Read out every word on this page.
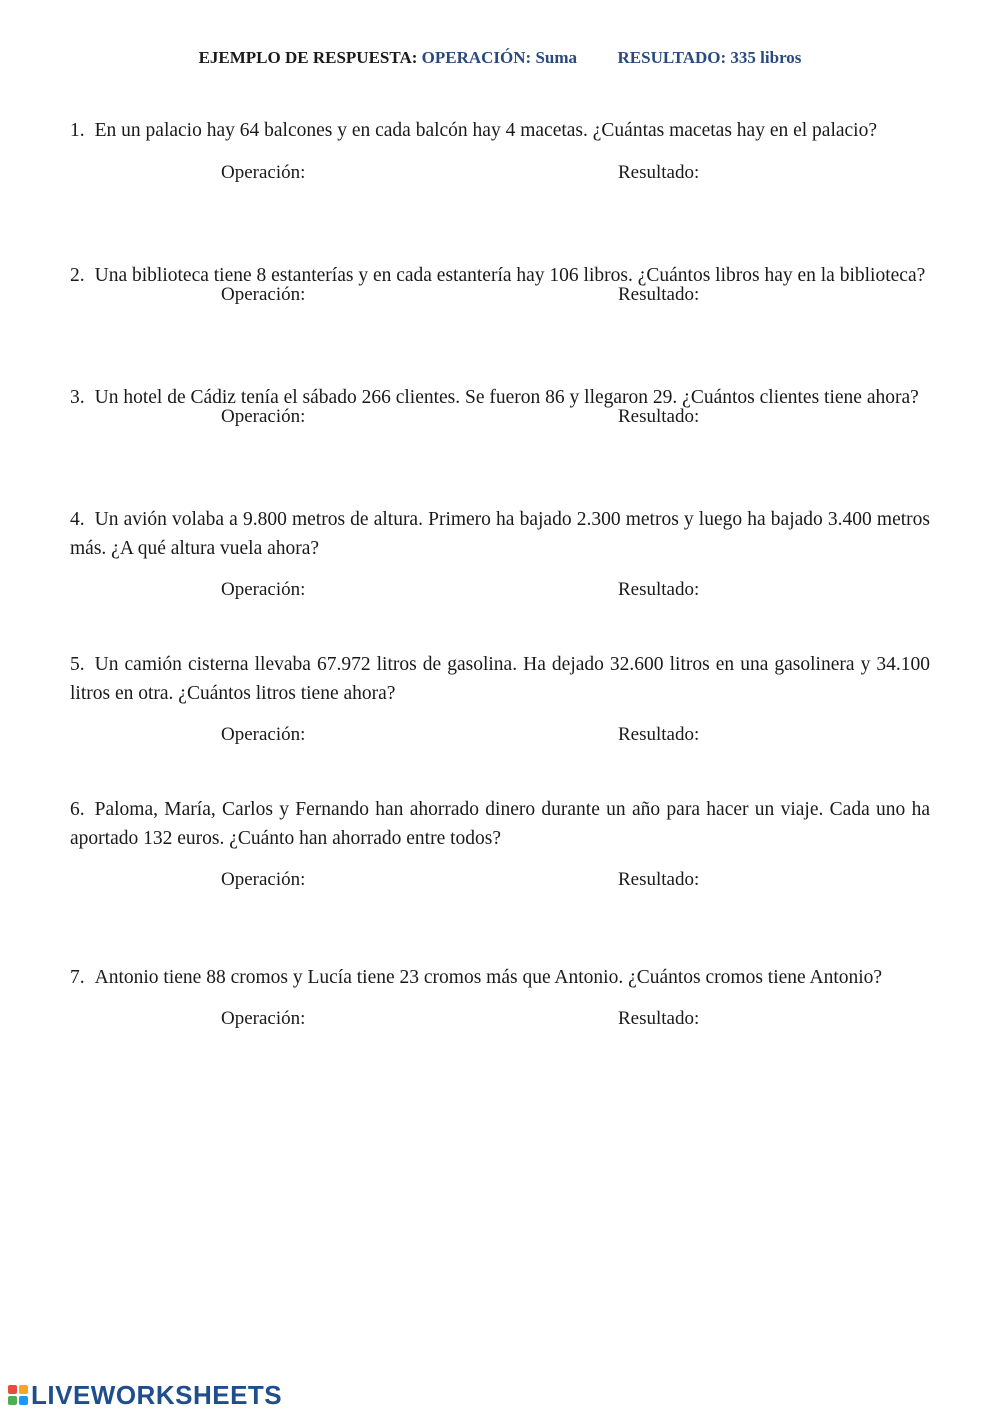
EJEMPLO DE RESPUESTA: OPERACIÓN: Suma RESULTADO: 335 libros

1. En un palacio hay 64 balcones y en cada balcón hay 4 macetas. ¿Cuántas macetas hay en el palacio?

Operación:	Resultado:

2. Una biblioteca tiene 8 estanterías y en cada estantería hay 106 libros. ¿Cuántos libros hay en la biblioteca?

Operación:	Resultado:

3. Un hotel de Cádiz tenía el sábado 266 clientes. Se fueron 86 y llegaron 29. ¿Cuántos clientes tiene ahora?

Operación:	Resultado:

4. Un avión volaba a 9.800 metros de altura. Primero ha bajado 2.300 metros y luego ha bajado 3.400 metros más. ¿A qué altura vuela ahora?

Operación:	Resultado:

5. Un camión cisterna llevaba 67.972 litros de gasolina. Ha dejado 32.600 litros en una gasolinera y 34.100 litros en otra. ¿Cuántos litros tiene ahora?

Operación:	Resultado:

6. Paloma, María, Carlos y Fernando han ahorrado dinero durante un año para hacer un viaje. Cada uno ha aportado 132 euros. ¿Cuánto han ahorrado entre todos?

Operación:	Resultado:

7. Antonio tiene 88 cromos y Lucía tiene 23 cromos más que Antonio. ¿Cuántos cromos tiene Antonio?

Operación:	Resultado:
LIVEWORKSHEETS
